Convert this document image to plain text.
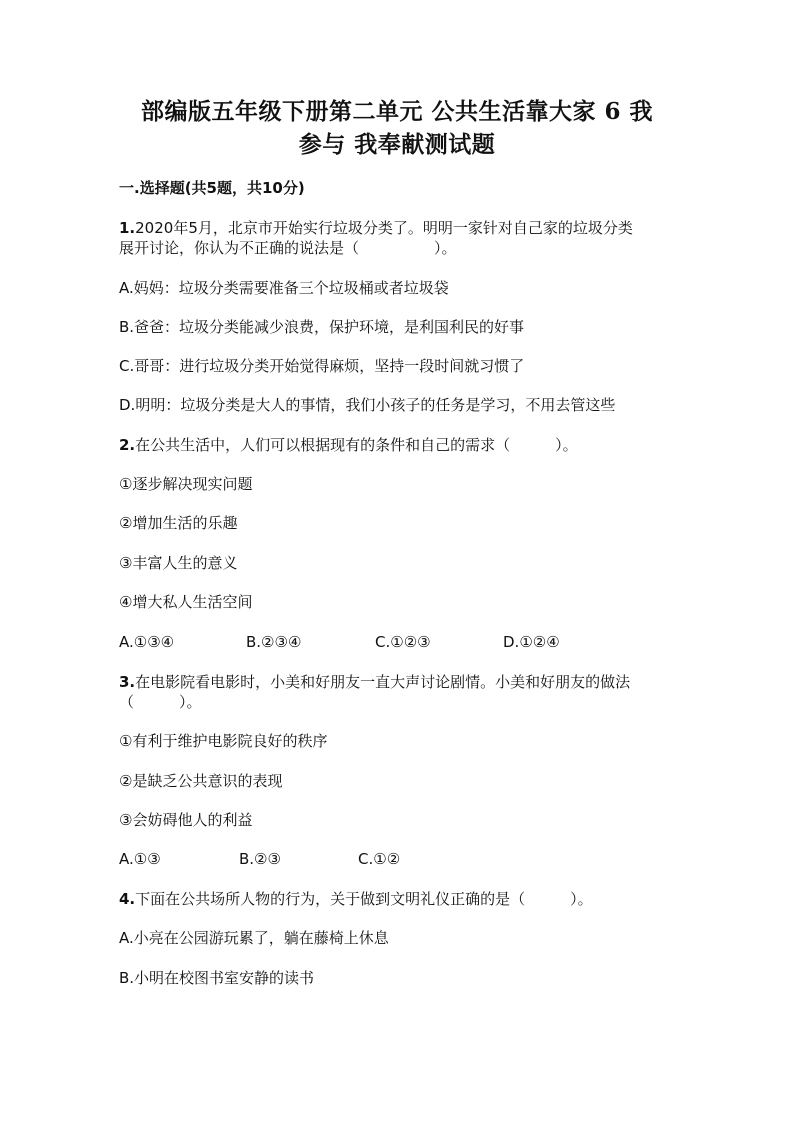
部编版五年级下册第二单元 公共生活靠大家 6 我
参与 我奉献测试题
一.选择题(共5题，共10分)
1.2020年5月，北京市开始实行垃圾分类了。明明一家针对自己家的垃圾分类
展开讨论，你认为不正确的说法是（　　　　　）。
A.妈妈：垃圾分类需要准备三个垃圾桶或者垃圾袋
B.爸爸：垃圾分类能减少浪费，保护环境，是利国利民的好事
C.哥哥：进行垃圾分类开始觉得麻烦，坚持一段时间就习惯了
D.明明：垃圾分类是大人的事情，我们小孩子的任务是学习，不用去管这些
2.在公共生活中，人们可以根据现有的条件和自己的需求（　　　）。
①逐步解决现实问题
②增加生活的乐趣
③丰富人生的意义
④增大私人生活空间
A.①③④	B.②③④	C.①②③	D.①②④
3.在电影院看电影时，小美和好朋友一直大声讨论剧情。小美和好朋友的做法
（　　　）。
①有利于维护电影院良好的秩序
②是缺乏公共意识的表现
③会妨碍他人的利益
A.①③	B.②③	C.①②
4.下面在公共场所人物的行为，关于做到文明礼仪正确的是（　　　）。
A.小亮在公园游玩累了，躺在藤椅上休息
B.小明在校图书室安静的读书
